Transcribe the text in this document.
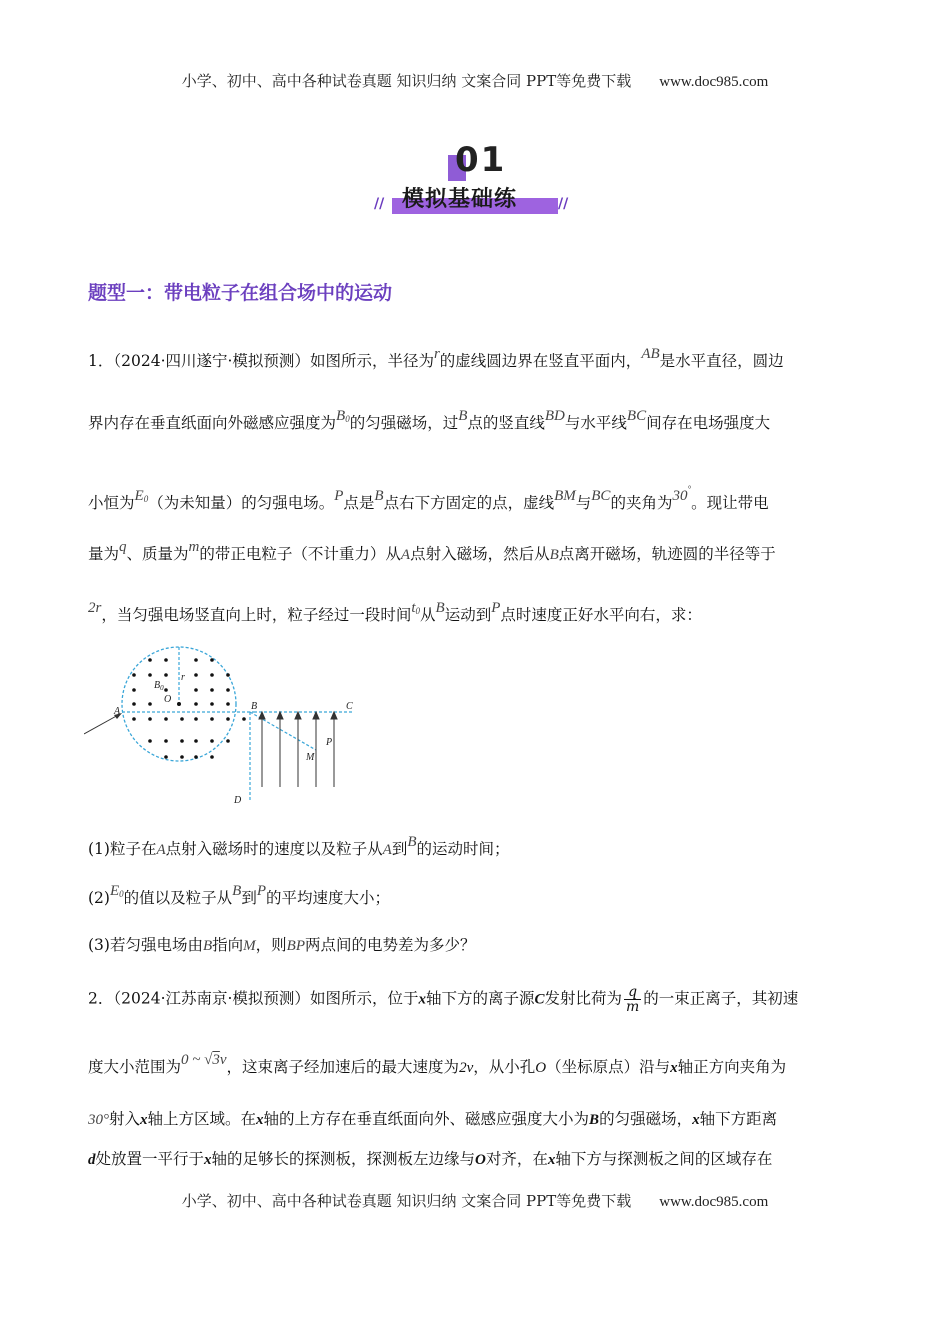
小学、初中、高中各种试卷真题 知识归纳 文案合同 PPT等免费下载 www.doc985.com
01
模拟基础练
//	//
题型一：带电粒子在组合场中的运动
1．（2024·四川遂宁·模拟预测）如图所示，半径为r的虚线圆边界在竖直平面内，AB是水平直径，圆边
界内存在垂直纸面向外磁感应强度为$B_0$的匀强磁场，过B点的竖直线BD与水平线BC间存在电场强度大
小恒为$E_0$（为未知量）的匀强电场。P点是B点右下方固定的点，虚线BM与BC的夹角为30°。现让带电
量为q、质量为m的带正电粒子（不计重力）从A点射入磁场，然后从B点离开磁场，轨迹圆的半径等于
2r，当匀强电场竖直向上时，粒子经过一段时间$t_0$从B运动到P点时速度正好水平向右，求：
A	B	C
D
O
r
$B_0$
P
M
(1)粒子在A点射入磁场时的速度以及粒子从A到B的运动时间；
$(2)E_0$的值以及粒子从B到P的平均速度大小；
(3)若匀强电场由B指向M，则BP两点间的电势差为多少？
2．（2024·江苏南京·模拟预测）如图所示，位于x轴下方的离子源C发射比荷为 $\frac{q}{m}$ 的一束正离子，其初速
度大小范围为0 ~ √3v，这束离子经加速后的最大速度为2v，从小孔O（坐标原点）沿与x轴正方向夹角为
30°射入x轴上方区域。在x轴的上方存在垂直纸面向外、磁感应强度大小为B的匀强磁场，x轴下方距离
d处放置一平行于x轴的足够长的探测板，探测板左边缘与O对齐，在x轴下方与探测板之间的区域存在
小学、初中、高中各种试卷真题 知识归纳 文案合同 PPT等免费下载 www.doc985.com
